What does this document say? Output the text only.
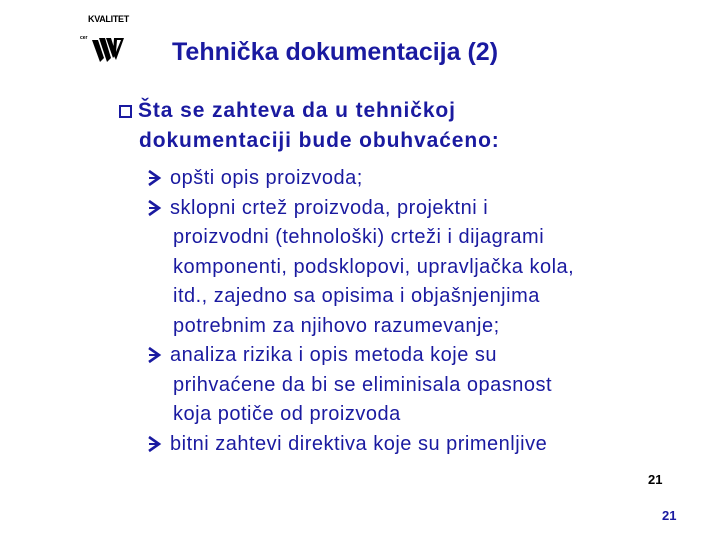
KVALITET
cer	Tehnička dokumentacija (2)
Šta se zahteva da u tehničkoj
dokumentaciji bude obuhvaćeno:
opšti opis proizvoda;
sklopni crtež proizvoda, projektni i
proizvodni (tehnološki) crteži i dijagrami
komponenti, podsklopovi, upravljačka kola,
itd., zajedno sa opisima i objašnjenjima
potrebnim za njihovo razumevanje;
analiza rizika i opis metoda koje su
prihvaćene da bi se eliminisala opasnost
koja potiče od proizvoda
bitni zahtevi direktiva koje su primenljive
21
21
